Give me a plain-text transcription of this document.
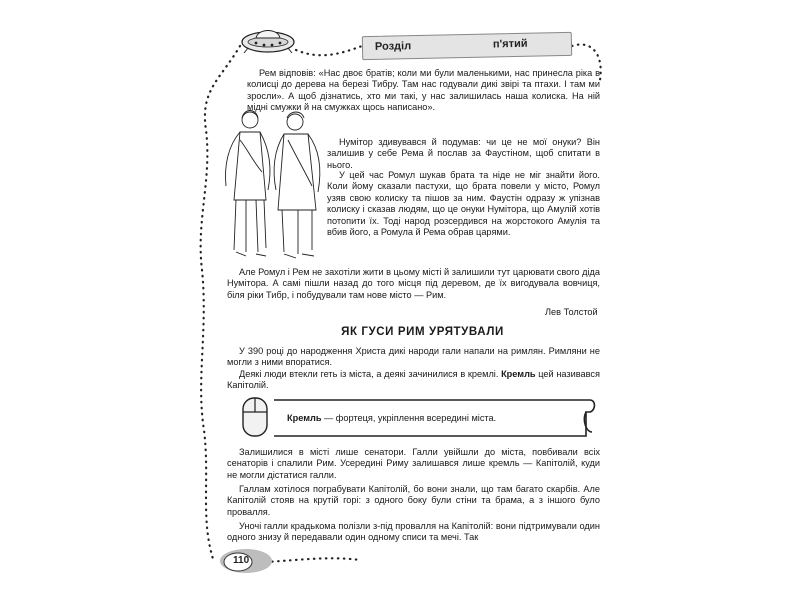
Розділ	п'ятий

Рем відповів: «Нас двоє братів; коли ми були маленькими, нас принесла ріка в колисці до дерева на березі Тибру. Там нас годували дикі звірі та птахи. І там ми зросли». А щоб дізнатись, хто ми такі, у нас залишилась наша колиска. На ній мідні смужки й на смужках щось написано».

Нумітор здивувався й подумав: чи це не мої онуки? Він залишив у себе Рема й послав за Фаустіном, щоб спитати в нього.

У цей час Ромул шукав брата та ніде не міг знайти його. Коли йому сказали пастухи, що брата повели у місто, Ромул узяв свою колиску та пішов за ним. Фаустін одразу ж упізнав колиску і сказав людям, що це онуки Нумітора, що Амулій хотів потопити їх. Тоді народ розсердився на жорстокого Амулія та вбив його, а Ромула й Рема обрав царями.

Але Ромул і Рем не захотіли жити в цьому місті й залишили тут царювати свого діда Нумітора. А самі пішли назад до того місця під деревом, де їх вигодувала вовчиця, біля ріки Тибр, і побудували там нове місто — Рим.

Лев Толстой
ЯК ГУСИ РИМ УРЯТУВАЛИ

У 390 році до народження Христа дикі народи гали напали на римлян. Римляни не могли з ними впоратися.

Деякі люди втекли геть із міста, а деякі зачинилися в кремлі. Кремль цей називався Капітолій.

Кремль — фортеця, укріплення всередині міста.

Залишилися в місті лише сенатори. Галли увійшли до міста, повбивали всіх сенаторів і спалили Рим. Усередині Риму залишався лише кремль — Капітолій, куди не могли дістатися галли.

Галлам хотілося пограбувати Капітолій, бо вони знали, що там багато скарбів. Але Капітолій стояв на крутій горі: з одного боку були стіни та брама, а з іншого було провалля.

Уночі галли крадькома полізли з-під провалля на Капітолій: вони підтримували один одного знизу й передавали один одному списи та мечі. Так

110
